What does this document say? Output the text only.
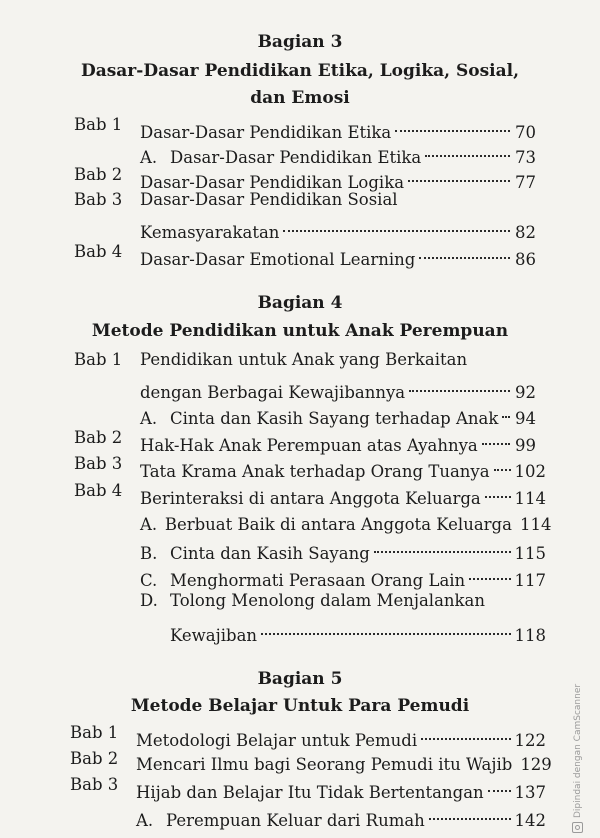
Bagian 3
Dasar-Dasar Pendidikan Etika, Logika, Sosial,
dan Emosi
Bab 1 Dasar-Dasar Pendidikan Etika	70
A. Dasar-Dasar Pendidikan Etika	73
Bab 2 Dasar-Dasar Pendidikan Logika	77
Bab 3 Dasar-Dasar Pendidikan Sosial
Kemasyarakatan	82
Bab 4 Dasar-Dasar Emotional Learning	86
Bagian 4
Metode Pendidikan untuk Anak Perempuan
Bab 1 Pendidikan untuk Anak yang Berkaitan
dengan Berbagai Kewajibannya	92
A. Cinta dan Kasih Sayang terhadap Anak 94
Bab 2 Hak-Hak Anak Perempuan atas Ayahnya 99
Bab 3 Tata Krama Anak terhadap Orang Tuanya 102
Bab 4 Berinteraksi di antara Anggota Keluarga 114
A. Berbuat Baik di antara Anggota Keluarga 114
B. Cinta dan Kasih Sayang	115
C. Menghormati Perasaan Orang Lain	117
D. Tolong Menolong dalam Menjalankan
Kewajiban	118
Bagian 5
Metode Belajar Untuk Para Pemudi
Bab 1 Metodologi Belajar untuk Pemudi	122
Bab 2 Mencari Ilmu bagi Seorang Pemudi itu Wajib 129
Bab 3 Hijab dan Belajar Itu Tidak Bertentangan 137
A. Perempuan Keluar dari Rumah	142
Dipindai dengan CamScanner
